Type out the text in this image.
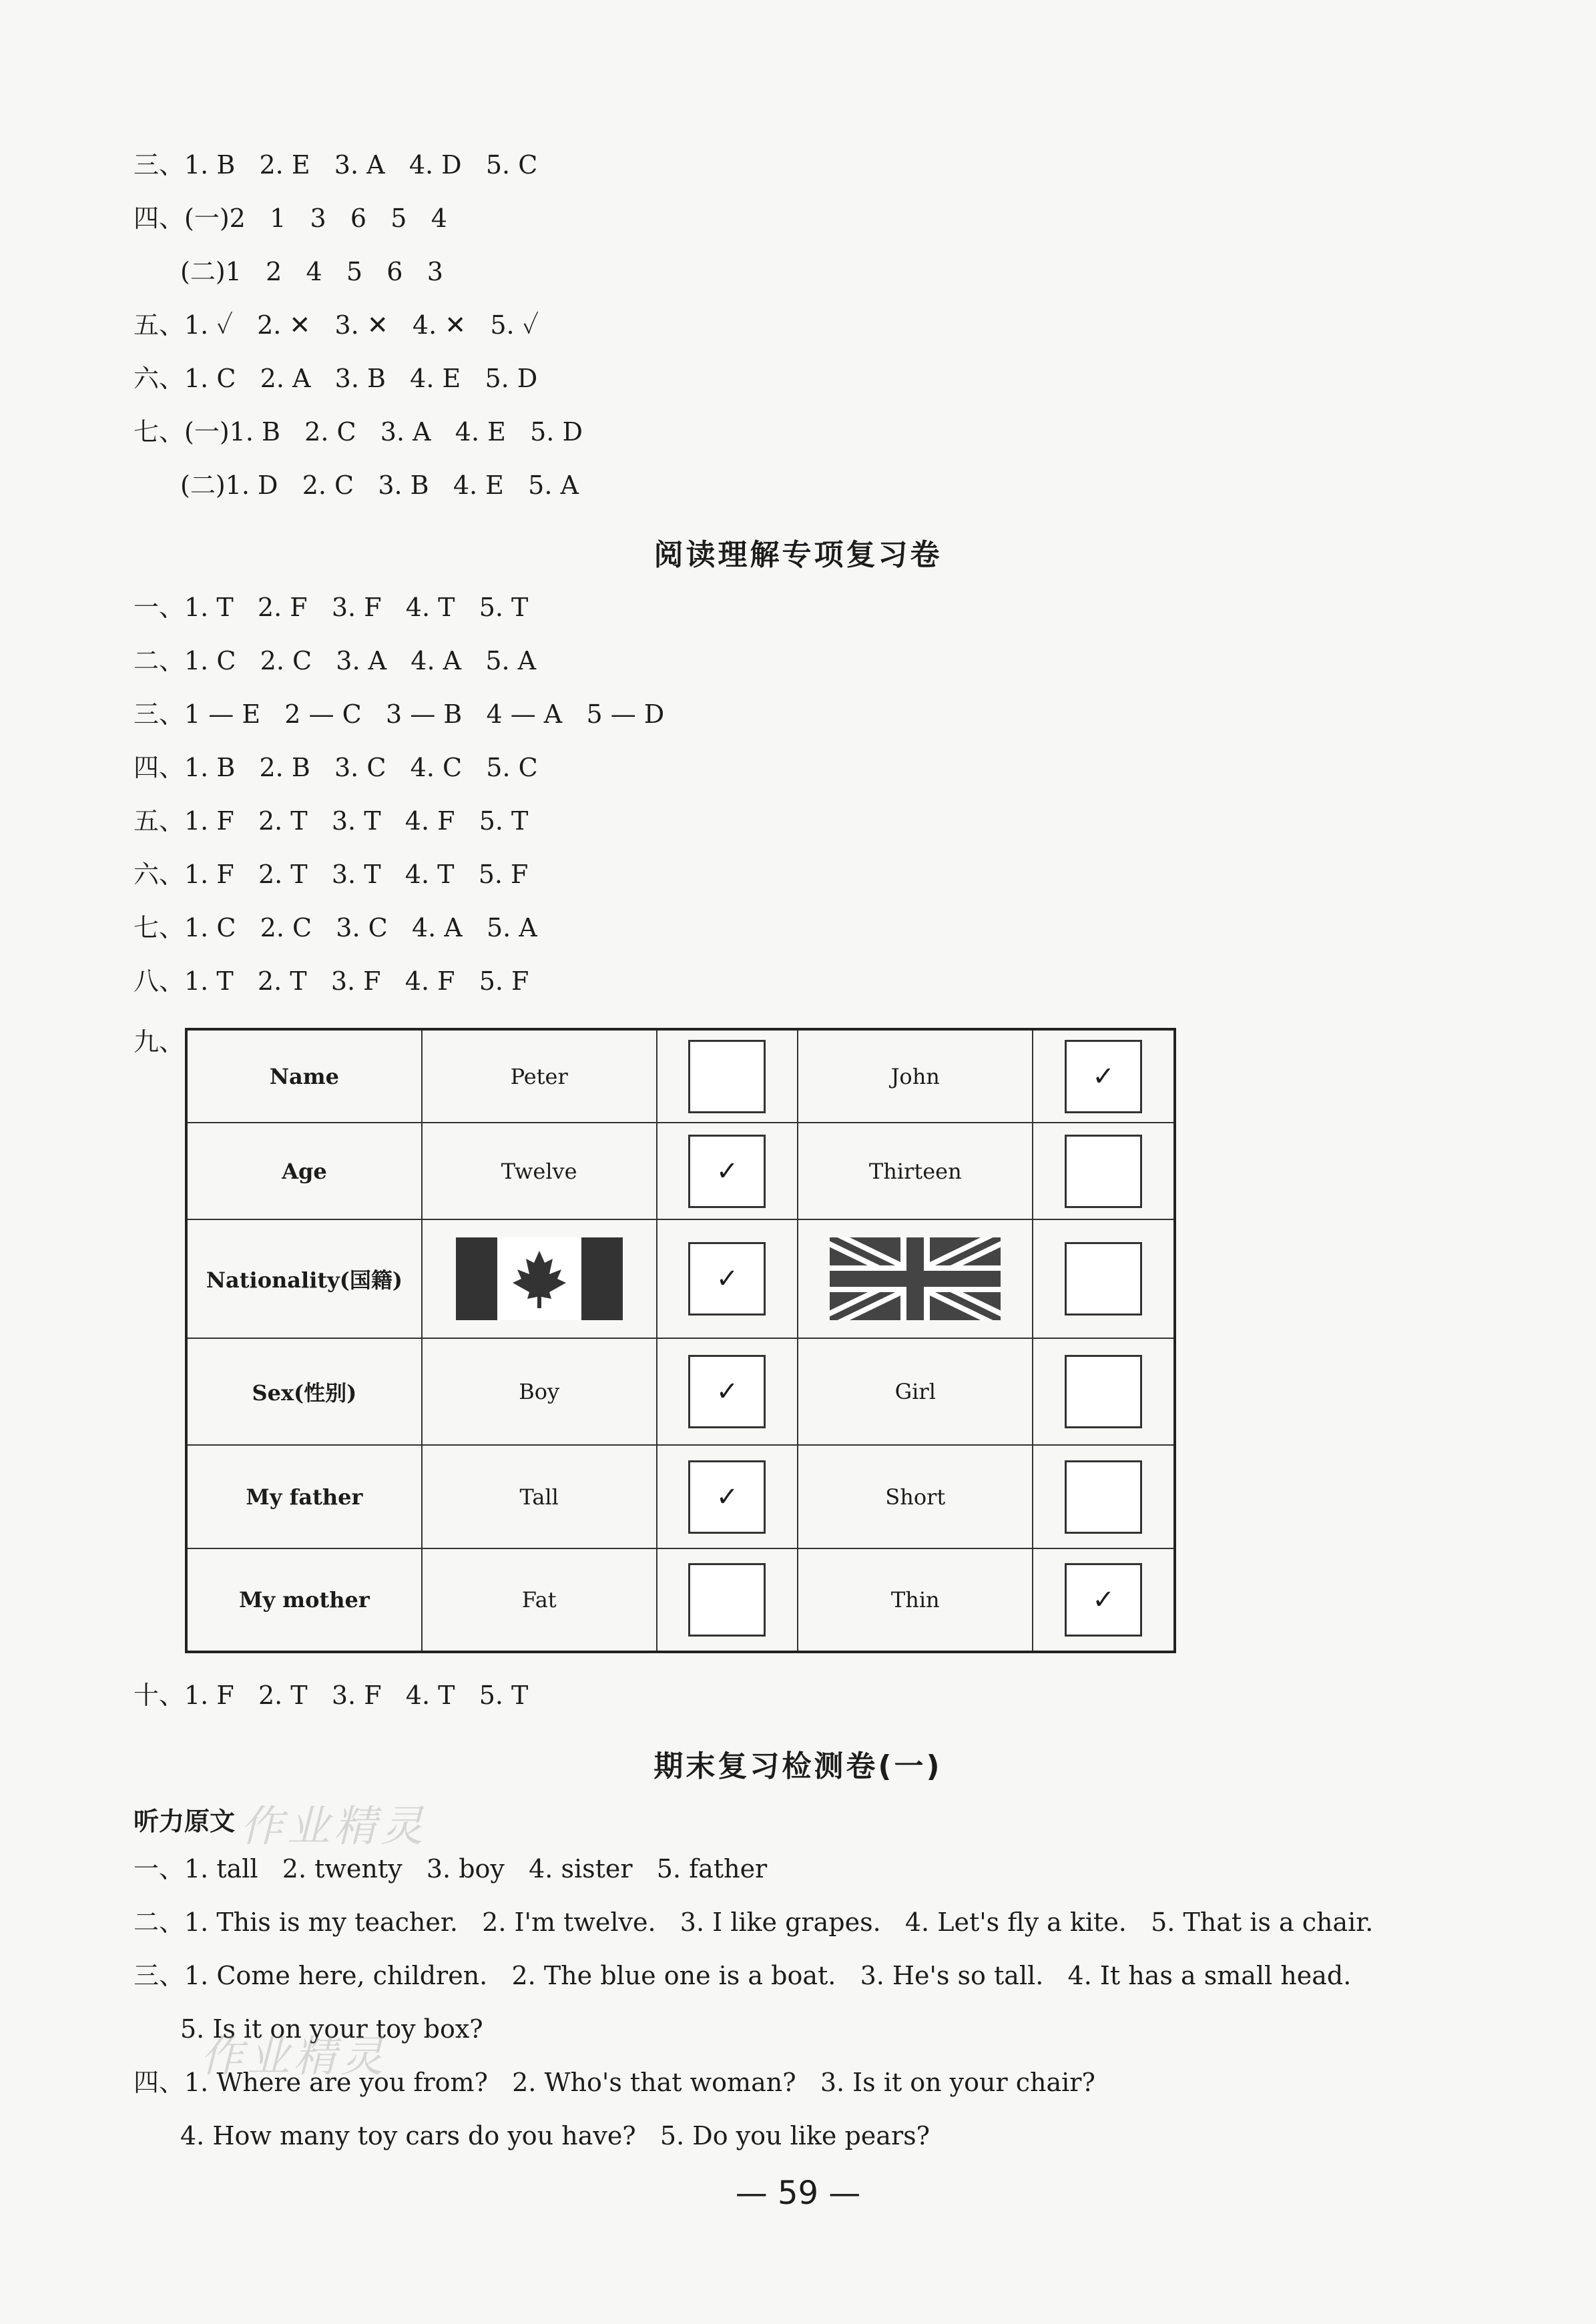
三、1. B   2. E   3. A   4. D   5. C
四、(一)2   1   3   6   5   4
(二)1   2   4   5   6   3
五、1. ✓   2. ✕   3. ✕   4. ✕   5. ✓
六、1. C   2. A   3. B   4. E   5. D
七、(一)1. B   2. C   3. A   4. E   5. D
(二)1. D   2. C   3. B   4. E   5. A
阅读理解专项复习卷
一、1. T   2. F   3. F   4. T   5. T
二、1. C   2. C   3. A   4. A   5. A
三、1 — E   2 — C   3 — B   4 — A   5 — D
四、1. B   2. B   3. C   4. C   5. C
五、1. F   2. T   3. T   4. F   5. T
六、1. F   2. T   3. T   4. T   5. F
七、1. C   2. C   3. C   4. A   5. A
八、1. T   2. T   3. F   4. F   5. F
九、
Name	Peter		John	✓

Age	Twelve	✓	Thirteen	

Nationality(国籍)		✓

Sex(性别)	Boy	✓	Girl	

My father	Tall	✓	Short	

My mother	Fat		Thin	✓
十、1. F   2. T   3. F   4. T   5. T
期末复习检测卷(一)
听力原文 作业精灵
一、1. tall   2. twenty   3. boy   4. sister   5. father
二、1. This is my teacher.   2. I'm twelve.   3. I like grapes.   4. Let's fly a kite.   5. That is a chair.
三、1. Come here, children.   2. The blue one is a boat.   3. He's so tall.   4. It has a small head.
5. Is it on your toy box?
作业精灵
四、1. Where are you from?   2. Who's that woman?   3. Is it on your chair?
4. How many toy cars do you have?   5. Do you like pears?
— 59 —
